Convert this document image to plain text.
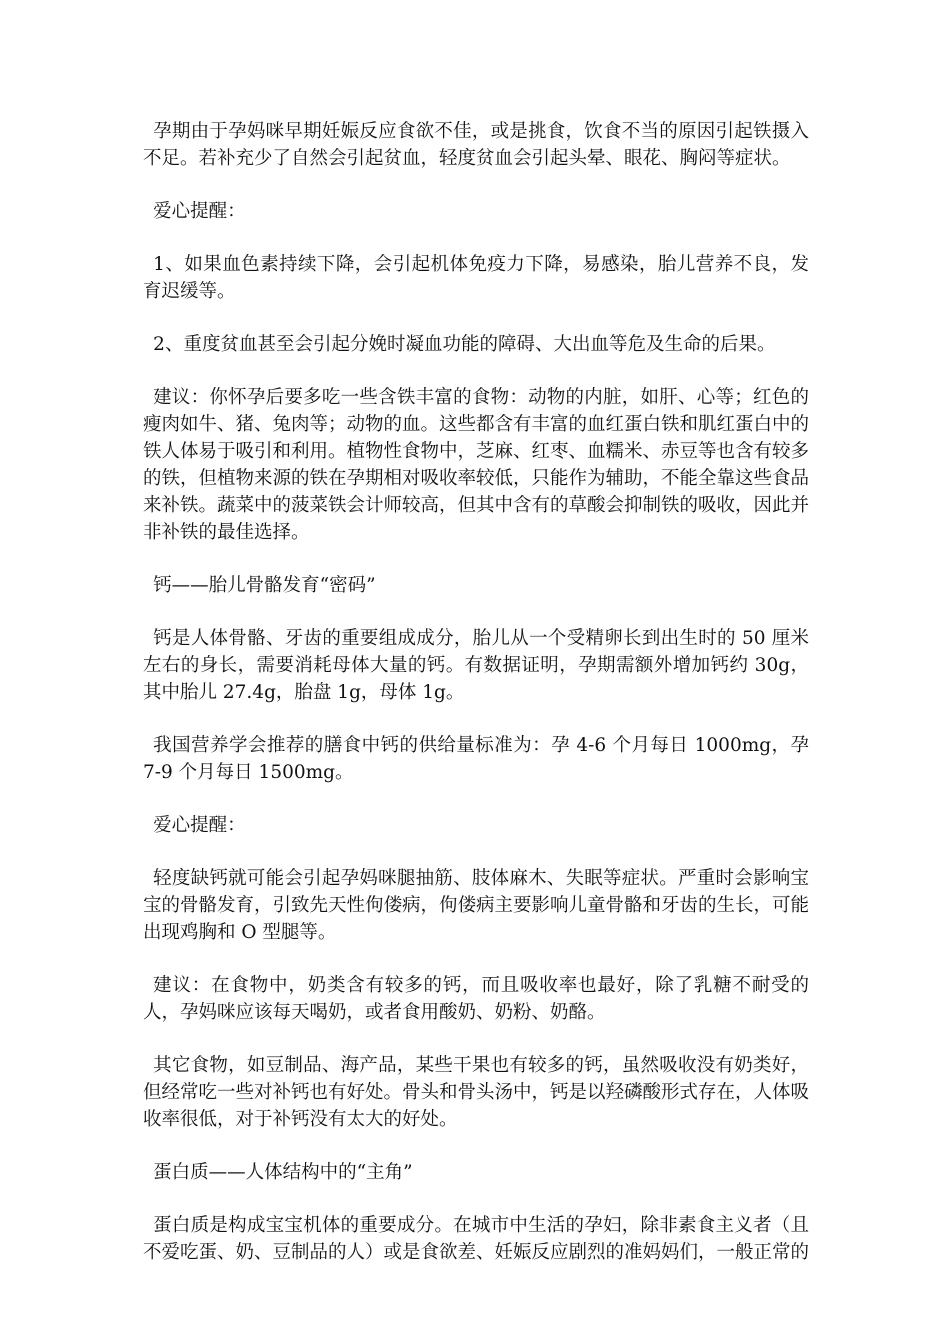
孕期由于孕妈咪早期妊娠反应食欲不佳，或是挑食，饮食不当的原因引起铁摄入不足。若补充少了自然会引起贫血，轻度贫血会引起头晕、眼花、胸闷等症状。

爱心提醒：

1、如果血色素持续下降，会引起机体免疫力下降，易感染，胎儿营养不良，发育迟缓等。

2、重度贫血甚至会引起分娩时凝血功能的障碍、大出血等危及生命的后果。

建议：你怀孕后要多吃一些含铁丰富的食物：动物的内脏，如肝、心等；红色的瘦肉如牛、猪、兔肉等；动物的血。这些都含有丰富的血红蛋白铁和肌红蛋白中的铁人体易于吸引和利用。植物性食物中，芝麻、红枣、血糯米、赤豆等也含有较多的铁，但植物来源的铁在孕期相对吸收率较低，只能作为辅助，不能全靠这些食品来补铁。蔬菜中的菠菜铁会计师较高，但其中含有的草酸会抑制铁的吸收，因此并非补铁的最佳选择。

钙——胎儿骨骼发育“密码”

钙是人体骨骼、牙齿的重要组成成分，胎儿从一个受精卵长到出生时的 50 厘米左右的身长，需要消耗母体大量的钙。有数据证明，孕期需额外增加钙约 30g，其中胎儿 27.4g，胎盘 1g，母体 1g。

我国营养学会推荐的膳食中钙的供给量标准为：孕 4-6 个月每日 1000mg，孕 7-9 个月每日 1500mg。

爱心提醒：

轻度缺钙就可能会引起孕妈咪腿抽筋、肢体麻木、失眠等症状。严重时会影响宝宝的骨骼发育，引致先天性佝偻病，佝偻病主要影响儿童骨骼和牙齿的生长，可能出现鸡胸和 O 型腿等。

建议：在食物中，奶类含有较多的钙，而且吸收率也最好，除了乳糖不耐受的人，孕妈咪应该每天喝奶，或者食用酸奶、奶粉、奶酪。

其它食物，如豆制品、海产品，某些干果也有较多的钙，虽然吸收没有奶类好，但经常吃一些对补钙也有好处。骨头和骨头汤中，钙是以羟磷酸形式存在，人体吸收率很低，对于补钙没有太大的好处。

蛋白质——人体结构中的“主角”

蛋白质是构成宝宝机体的重要成分。在城市中生活的孕妇，除非素食主义者（且不爱吃蛋、奶、豆制品的人）或是食欲差、妊娠反应剧烈的准妈妈们，一般正常的
